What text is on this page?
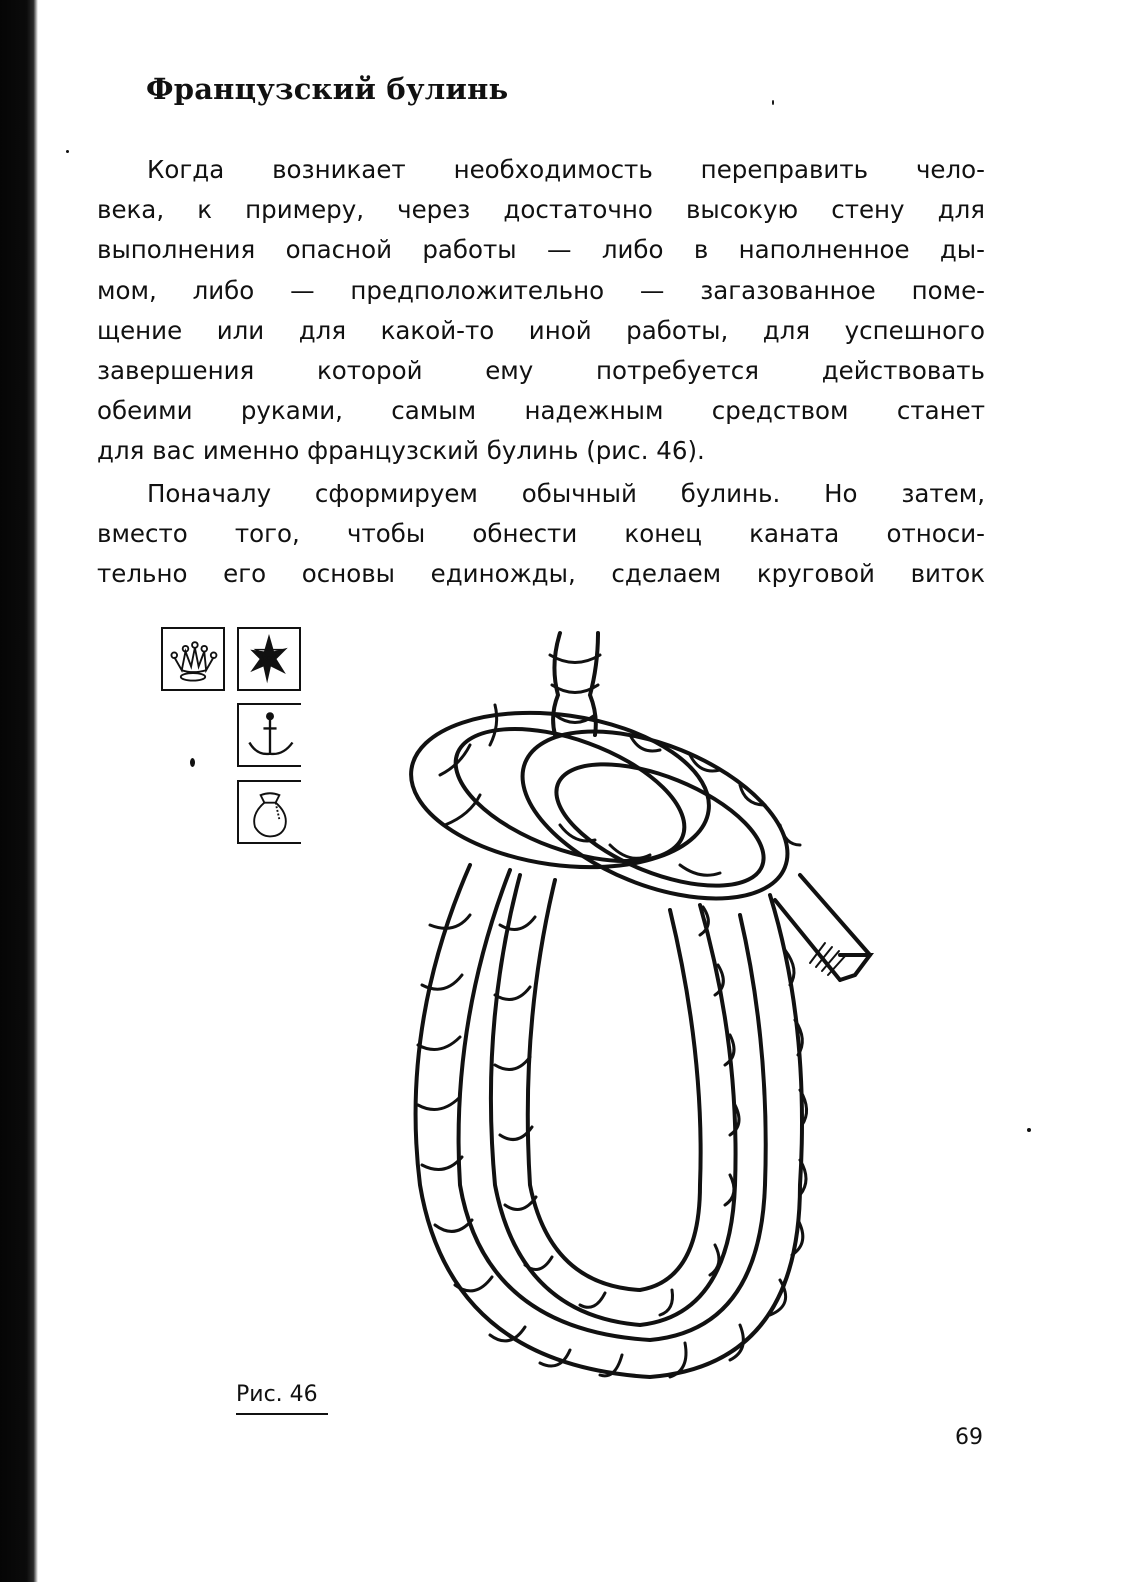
Французский булинь

Когда возникает необходимость переправить чело-
века, к примеру, через достаточно высокую стену для
выполнения опасной работы — либо в наполненное ды-
мом, либо — предположительно — загазованное поме-
щение или для какой-то иной работы, для успешного
завершения которой ему потребуется действовать
обеими руками, самым надежным средством станет
для вас именно французский булинь (рис. 46).

Поначалу сформируем обычный булинь. Но затем,
вместо того, чтобы обнести конец каната относи-
тельно его основы единожды, сделаем круговой виток

Рис. 46
69
